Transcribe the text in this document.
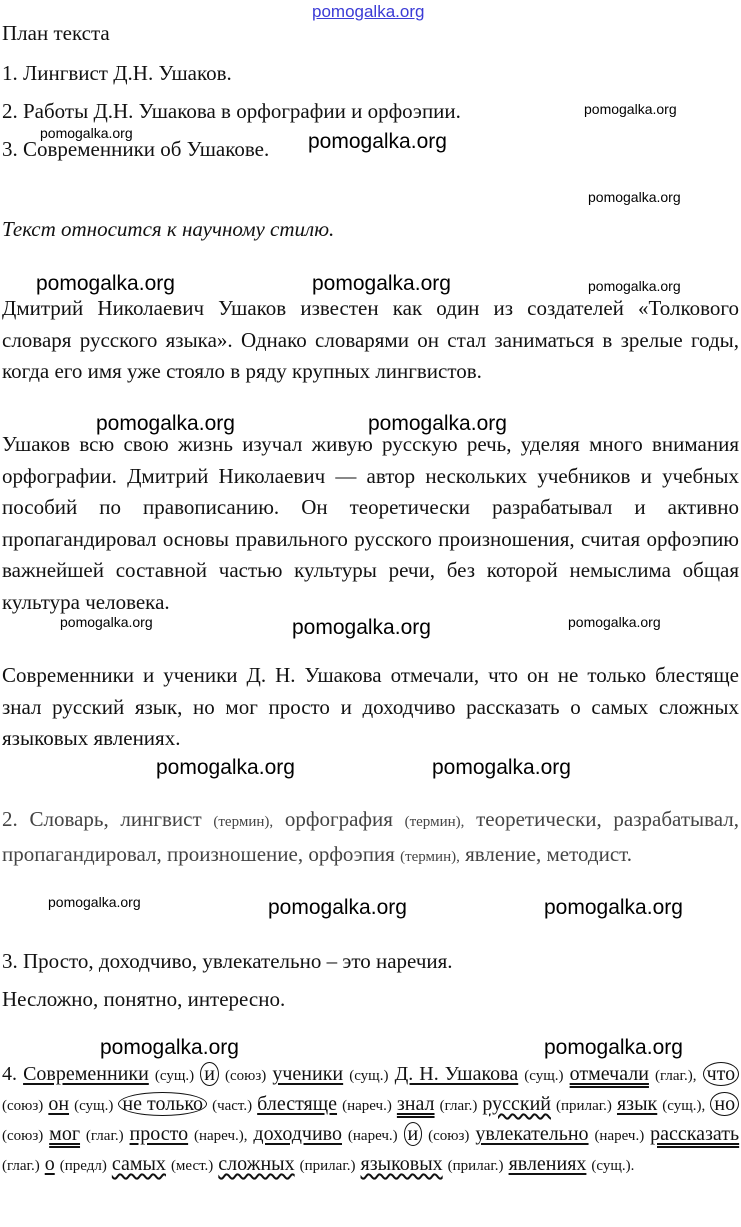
pomogalka.org

План текста

1. Лингвист Д.Н. Ушаков.

2. Работы Д.Н. Ушакова в орфографии и орфоэпии.

3. Современники об Ушакове.

pomogalka.org
pomogalka.org	pomogalka.org
pomogalka.org

Текст относится к научному стилю.

pomogalka.org	pomogalka.org	pomogalka.org

Дмитрий Николаевич Ушаков известен как один из создателей «Толкового словаря русского языка». Однако словарями он стал заниматься в зрелые годы, когда его имя уже стояло в ряду крупных лингвистов.

Ушаков всю свою жизнь изучал живую русскую речь, уделяя много внимания орфографии. Дмитрий Николаевич — автор нескольких учебников и учебных пособий по правописанию. Он теоретически разрабатывал и активно пропагандировал основы правильного русского произношения, считая орфоэпию важнейшей составной частью культуры речи, без которой немыслима общая культура человека.

pomogalka.org	pomogalka.org
pomogalka.org	pomogalka.org	pomogalka.org

Современники и ученики Д. Н. Ушакова отмечали, что он не только блестяще знал русский язык, но мог просто и доходчиво рассказать о самых сложных языковых явлениях.

pomogalka.org	pomogalka.org

2. Словарь, лингвист (термин), орфография (термин), теоретически, разрабатывал, пропагандировал, произношение, орфоэпия (термин), явление, методист.

pomogalka.org	pomogalka.org	pomogalka.org

3. Просто, доходчиво, увлекательно – это наречия.

Несложно, понятно, интересно.

pomogalka.org	pomogalka.org

4. Современники (сущ.) и (союз) ученики (сущ.) Д. Н. Ушакова (сущ.) отмечали (глаг.), что (союз) он (сущ.) не только (част.) блестяще (нареч.) знал (глаг.) русский (прилаг.) язык (сущ.), но (союз) мог (глаг.) просто (нареч.), доходчиво (нареч.) и (союз) увлекательно (нареч.) рассказать (глаг.) о (предл) самых (мест.) сложных (прилаг.) языковых (прилаг.) явлениях (сущ.).
